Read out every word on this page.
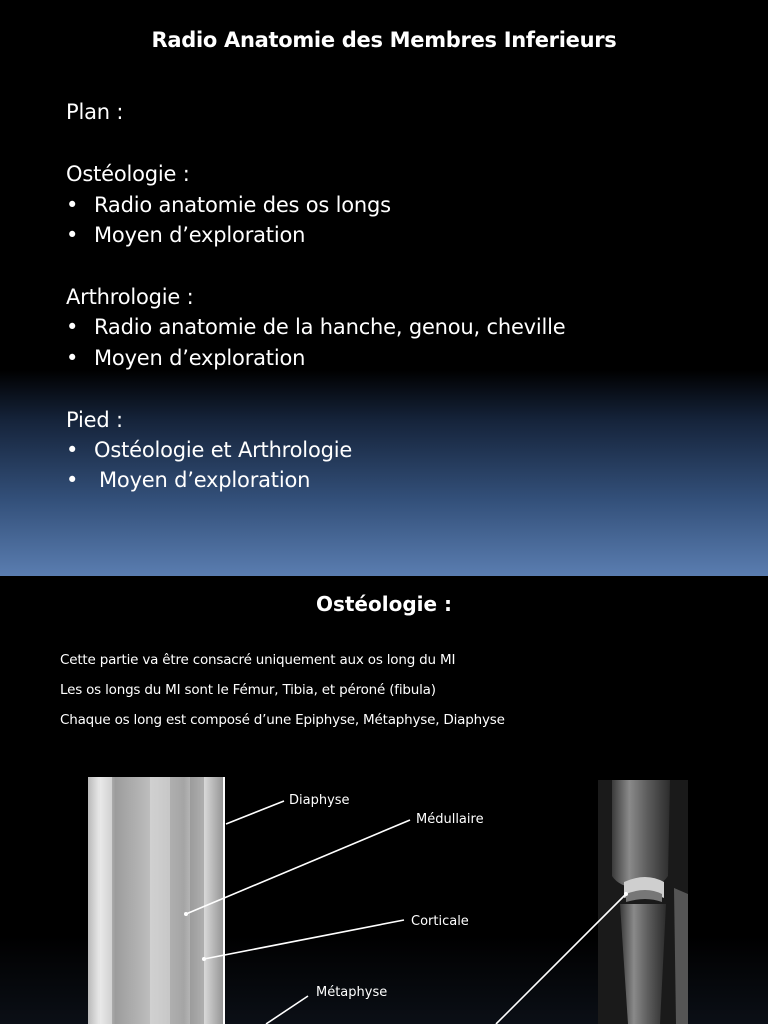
Radio Anatomie des Membres Inferieurs
Plan :
Ostéologie :
• Radio anatomie des os longs
• Moyen d’exploration
Arthrologie :
• Radio anatomie de la hanche, genou, cheville
• Moyen d’exploration
Pied :
• Ostéologie et Arthrologie
• Moyen d’exploration
Ostéologie :
Cette partie va être consacré uniquement aux os long du MI
Les os longs du MI sont le Fémur, Tibia, et péroné (fibula)
Chaque os long est composé d’une Epiphyse, Métaphyse, Diaphyse
Diaphyse
Médullaire
Corticale
Métaphyse
